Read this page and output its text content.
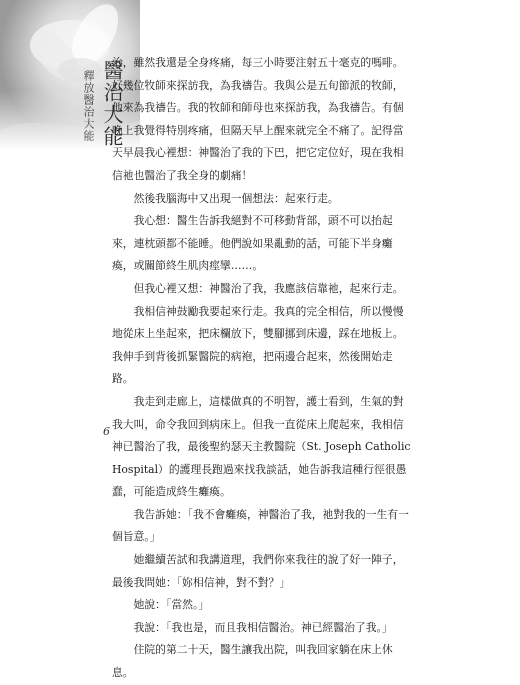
釋放醫治大能 醫治大能

治，雖然我還是全身疼痛，每三小時要注射五十毫克的嗎啡。好幾位牧師來探訪我，為我禱告。我與公是五旬節派的牧師，他來為我禱告。我的牧師和師母也來探訪我，為我禱告。有個晚上我覺得特別疼痛，但隔天早上醒來就完全不痛了。記得當天早晨我心裡想：神醫治了我的下巴，把它定位好，現在我相信祂也醫治了我全身的劇痛！

然後我腦海中又出現一個想法：起來行走。

我心想：醫生告訴我絕對不可移動背部，頭不可以抬起來，連枕頭都不能睡。他們說如果亂動的話，可能下半身癱瘓，或關節終生肌肉痙攣……。

但我心裡又想：神醫治了我，我應該信靠祂，起來行走。

我相信神鼓勵我要起來行走。我真的完全相信，所以慢慢地從床上坐起來，把床欄放下，雙腳挪到床邊，踩在地板上。我伸手到背後抓緊醫院的病袍，把兩邊合起來，然後開始走路。

我走到走廊上，這樣做真的不明智，護士看到，生氣的對我大叫，命令我回到病床上。但我一直從床上爬起來，我相信神已醫治了我，最後聖約瑟天主教醫院（St. Joseph Catholic Hospital）的護理長跑過來找我談話，她告訴我這種行徑很愚蠢，可能造成終生癱瘓。

我告訴她：「我不會癱瘓，神醫治了我，祂對我的一生有一個旨意。」

她繼續苦試和我講道理，我們你來我往的說了好一陣子，最後我問她：「妳相信神，對不對？」

她說：「當然。」

我說：「我也是，而且我相信醫治。神已經醫治了我。」

住院的第二十天，醫生讓我出院，叫我回家躺在床上休息。

6
